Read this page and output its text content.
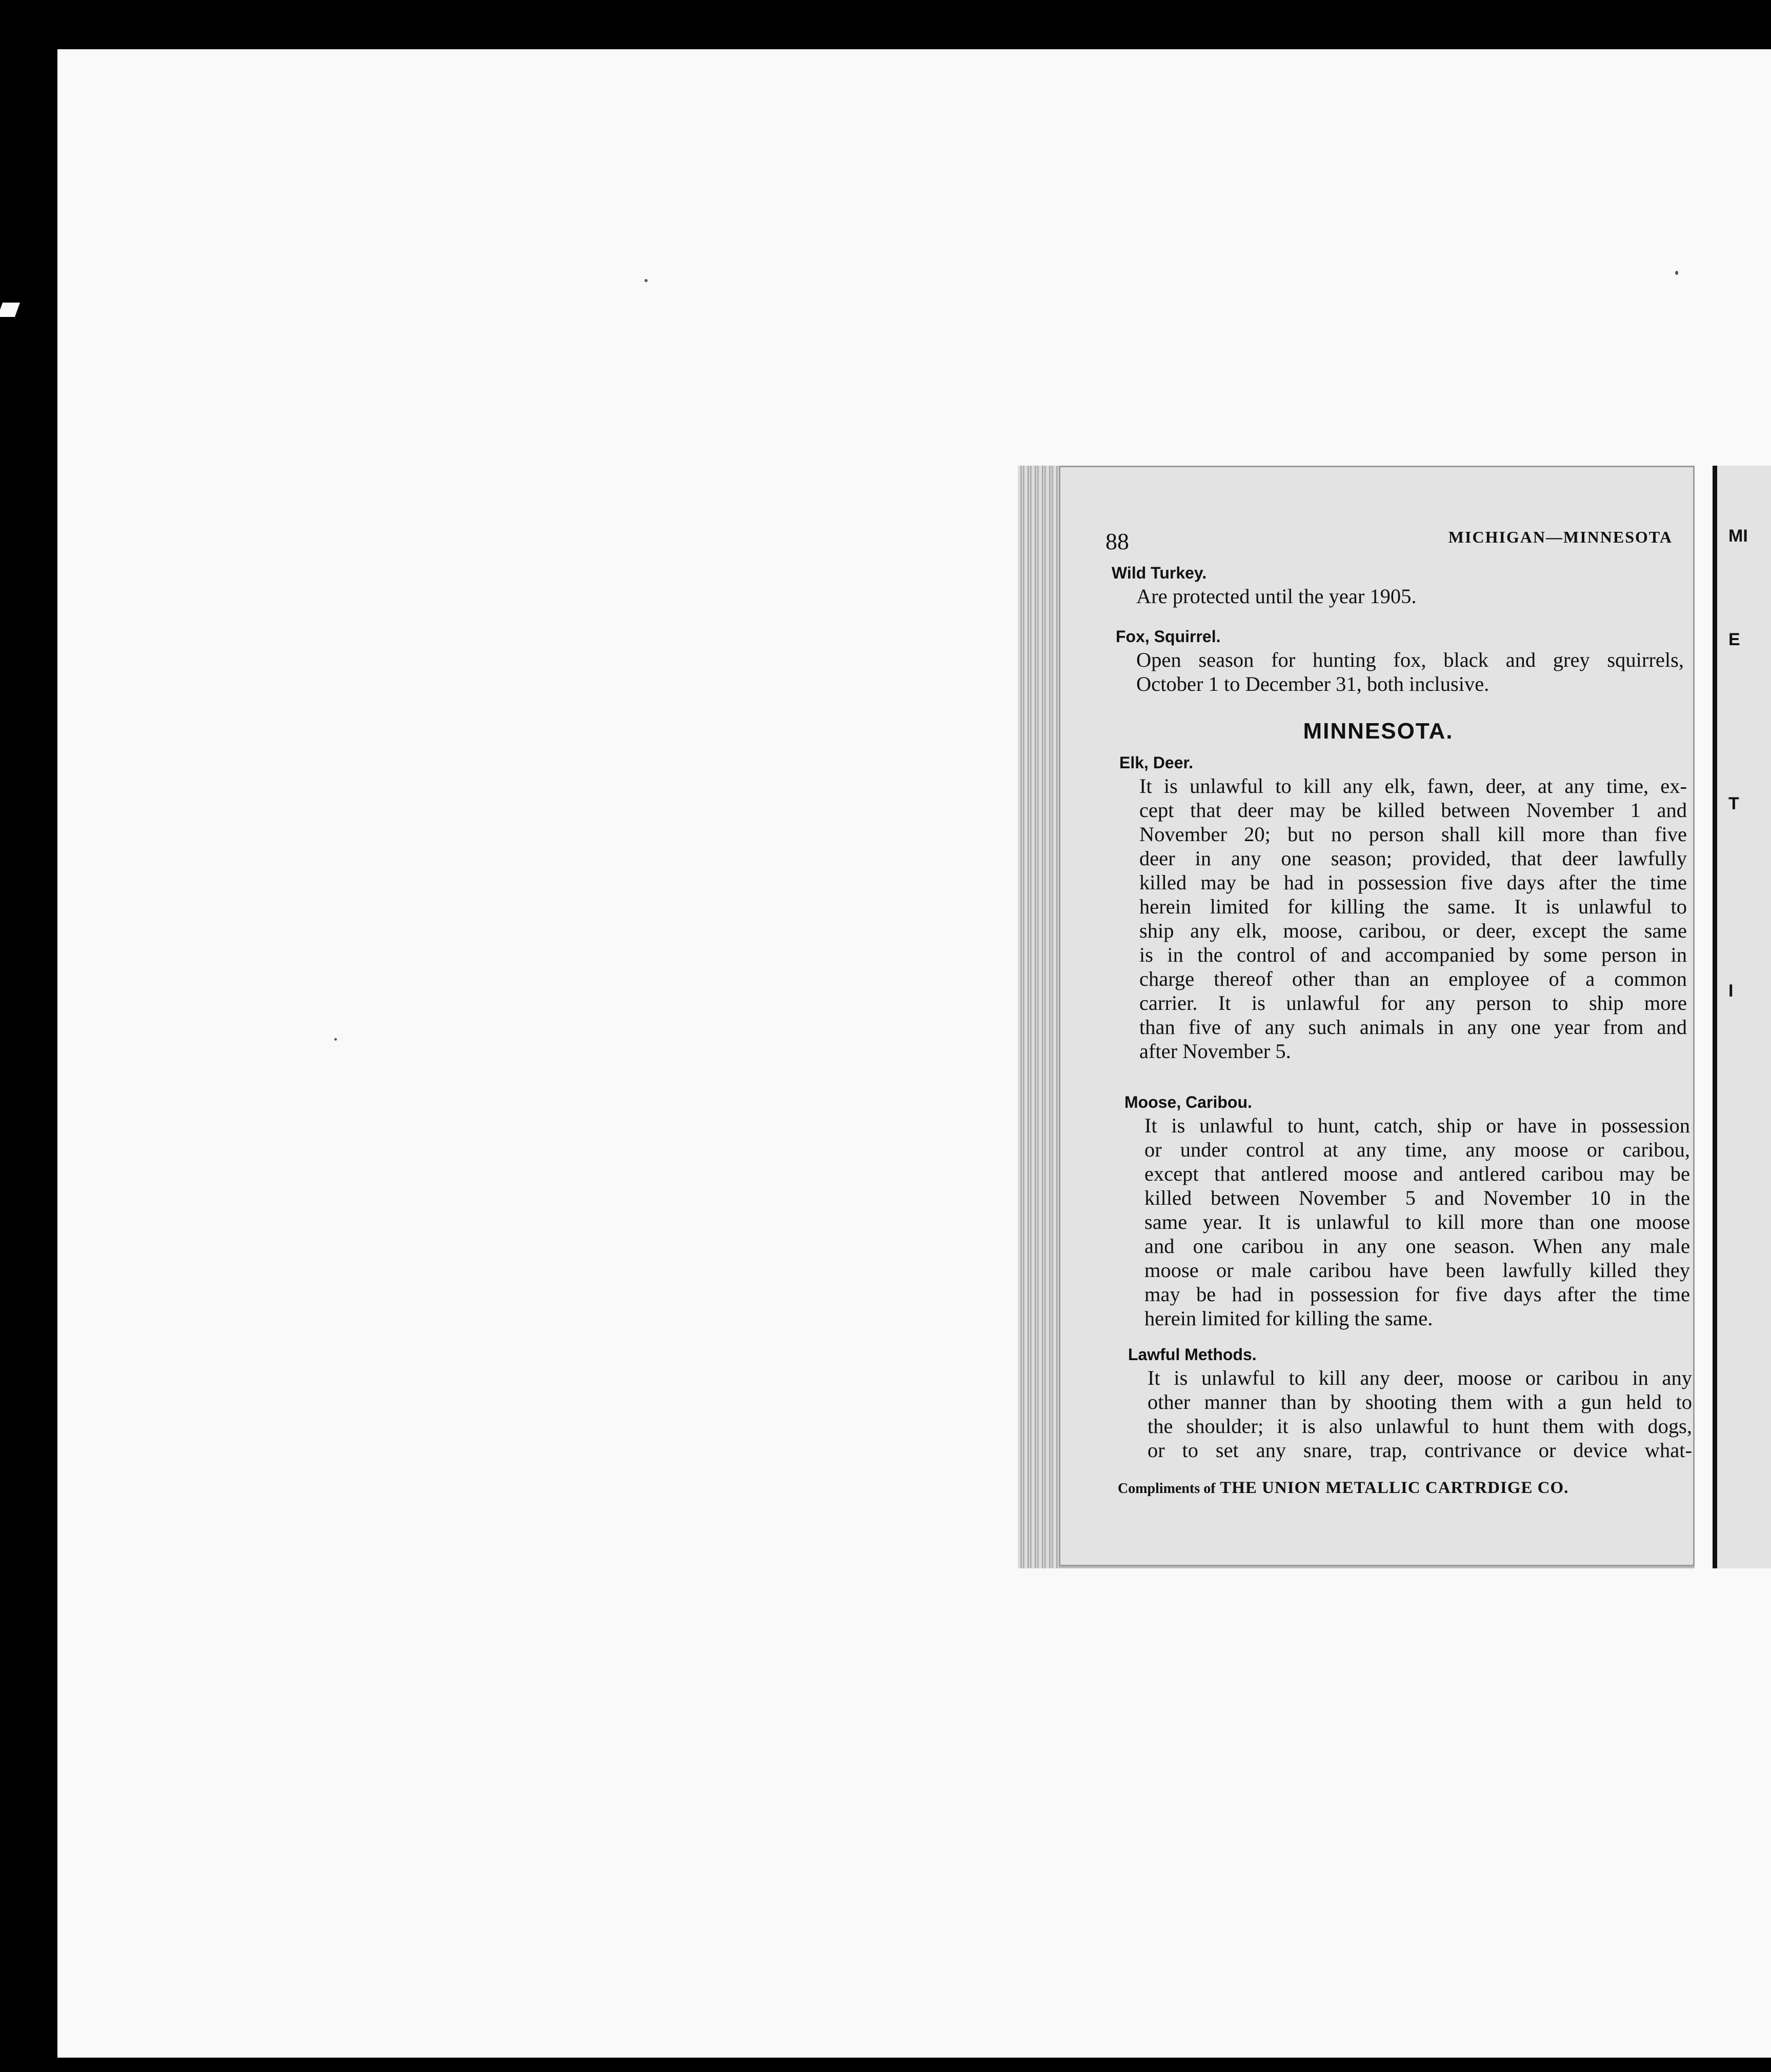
88	MICHIGAN—MINNESOTA
Wild Turkey.
Are protected until the year 1905.
Fox, Squirrel.
Open season for hunting fox, black and grey squirrels,
October 1 to December 31, both inclusive.
MINNESOTA.
Elk, Deer.
It is unlawful to kill any elk, fawn, deer, at any time, ex-
cept that deer may be killed between November 1 and
November 20; but no person shall kill more than five
deer in any one season; provided, that deer lawfully
killed may be had in possession five days after the time
herein limited for killing the same. It is unlawful to
ship any elk, moose, caribou, or deer, except the same
is in the control of and accompanied by some person in
charge thereof other than an employee of a common
carrier. It is unlawful for any person to ship more
than five of any such animals in any one year from and
after November 5.
Moose, Caribou.
It is unlawful to hunt, catch, ship or have in possession
or under control at any time, any moose or caribou,
except that antlered moose and antlered caribou may be
killed between November 5 and November 10 in the
same year. It is unlawful to kill more than one moose
and one caribou in any one season. When any male
moose or male caribou have been lawfully killed they
may be had in possession for five days after the time
herein limited for killing the same.
Lawful Methods.
It is unlawful to kill any deer, moose or caribou in any
other manner than by shooting them with a gun held to
the shoulder; it is also unlawful to hunt them with dogs,
or to set any snare, trap, contrivance or device what-
Compliments of THE UNION METALLIC CARTRDIGE CO.
MI
E
T
I
